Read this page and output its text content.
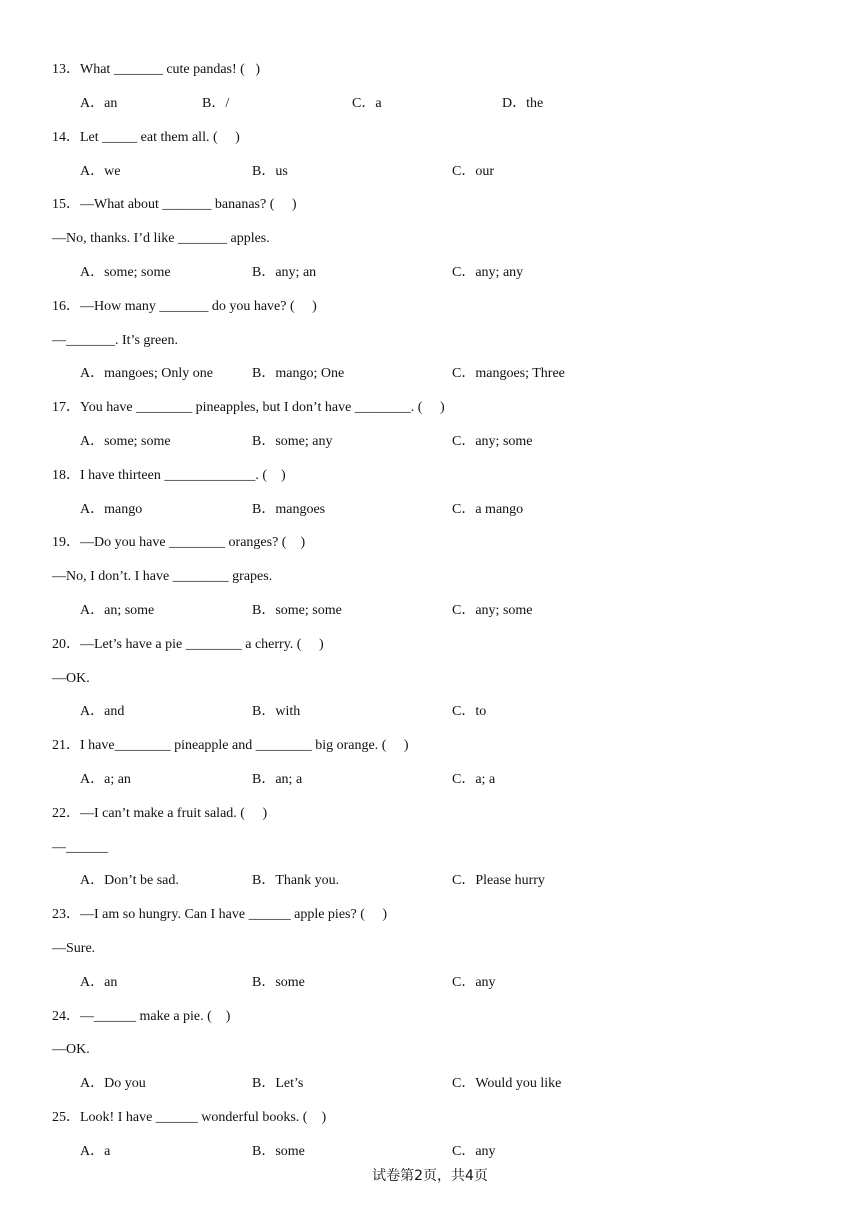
13．What _______ cute pandas! (   )
A．an	B．/	C．a	D．the
14．Let _____ eat them all. (     )
A．we	B．us	C．our
15．—What about _______ bananas? (     )
—No, thanks. I’d like _______ apples.
A．some; some	B．any; an	C．any; any
16．—How many _______ do you have? (     )
—_______. It’s green.
A．mangoes; Only one	B．mango; One	C．mangoes; Three
17．You have ________ pineapples, but I don’t have ________. (     )
A．some; some	B．some; any	C．any; some
18．I have thirteen _____________. (    )
A．mango	B．mangoes	C．a mango
19．—Do you have ________ oranges? (    )
—No, I don’t. I have ________ grapes.
A．an; some	B．some; some	C．any; some
20．—Let’s have a pie ________ a cherry. (     )
—OK.
A．and	B．with	C．to
21．I have________ pineapple and ________ big orange. (     )
A．a; an	B．an; a	C．a; a
22．—I can’t make a fruit salad. (     )
—______
A．Don’t be sad.	B．Thank you.	C．Please hurry
23．—I am so hungry. Can I have ______ apple pies? (     )
—Sure.
A．an	B．some	C．any
24．—______ make a pie. (    )
—OK.
A．Do you	B．Let’s	C．Would you like
25．Look! I have ______ wonderful books. (    )
A．a	B．some	C．any
试卷第2页，共4页
